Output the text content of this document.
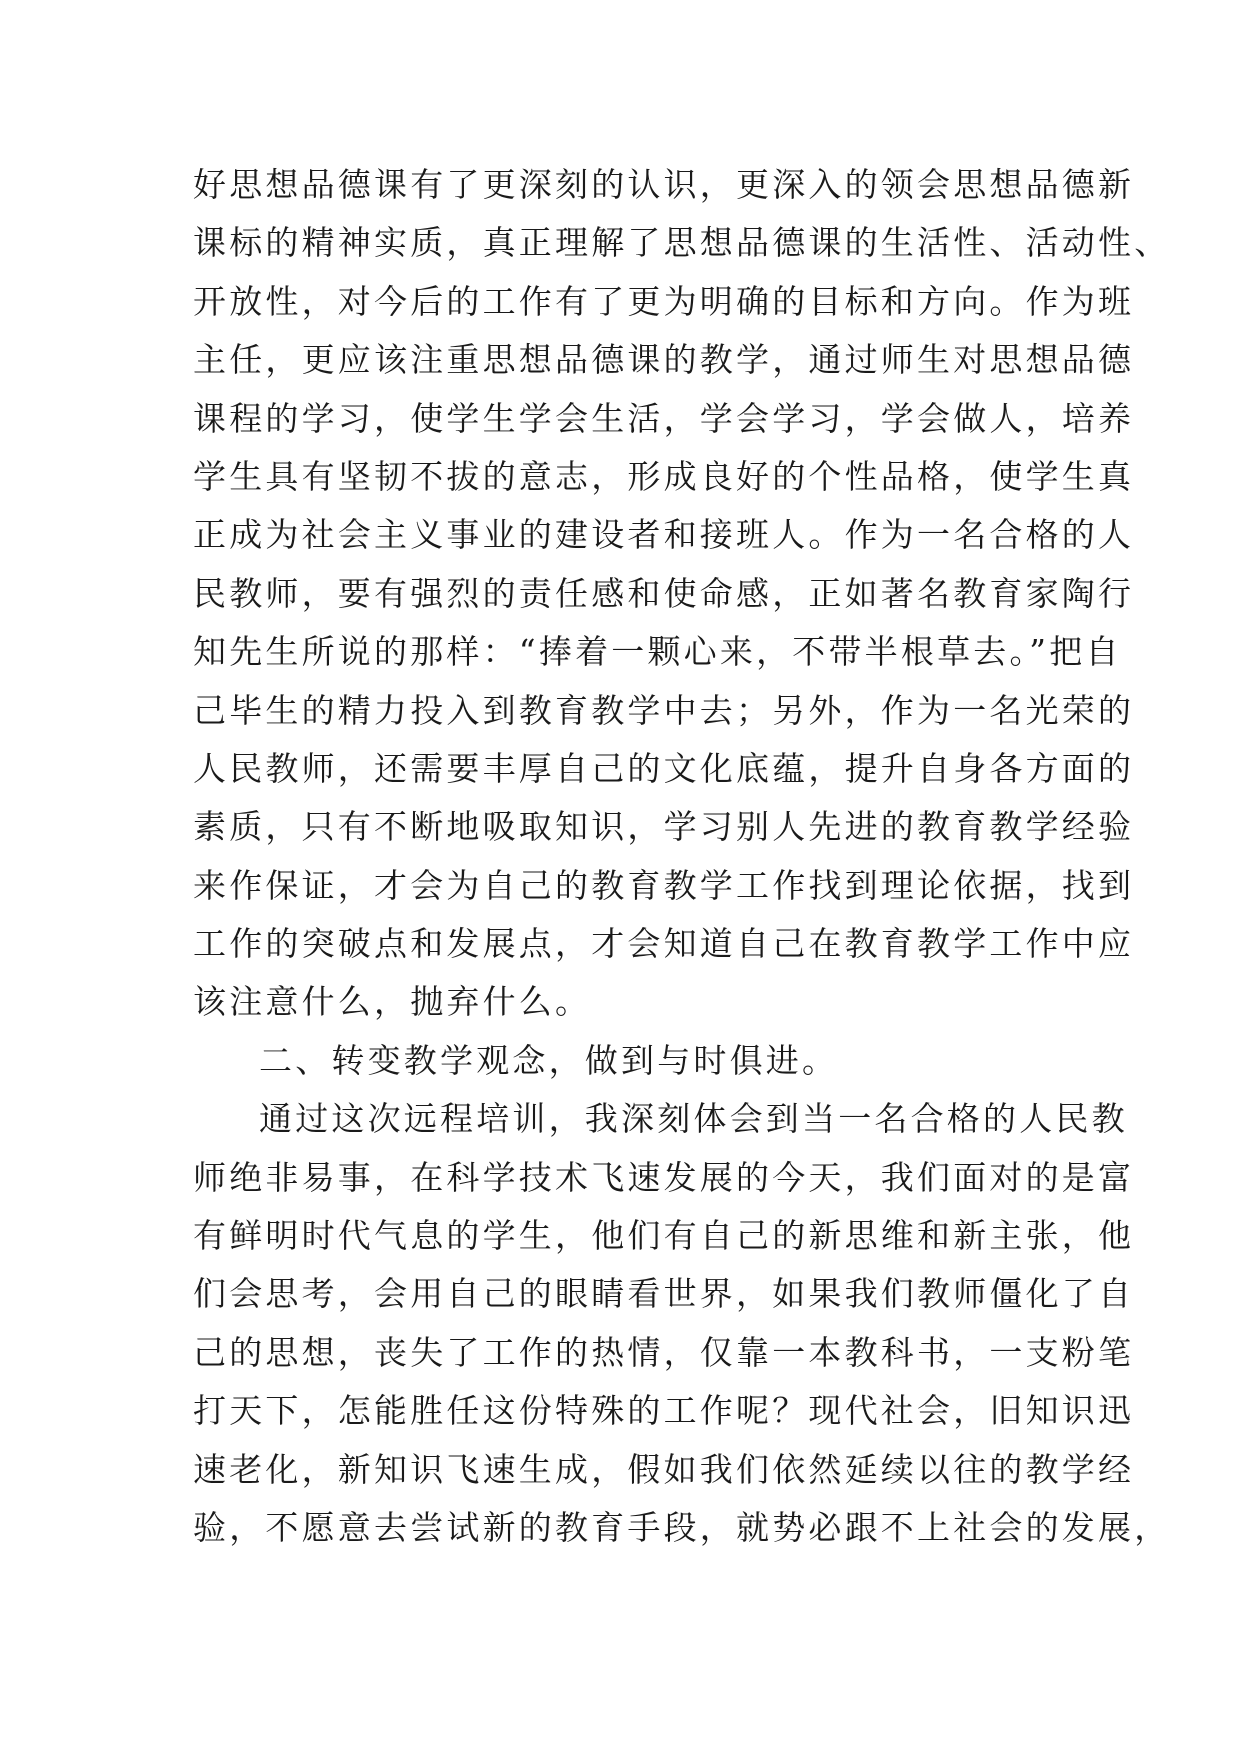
好思想品德课有了更深刻的认识，更深入的领会思想品德新
课标的精神实质，真正理解了思想品德课的生活性、活动性、
开放性，对今后的工作有了更为明确的目标和方向。作为班
主任，更应该注重思想品德课的教学，通过师生对思想品德
课程的学习，使学生学会生活，学会学习，学会做人，培养
学生具有坚韧不拔的意志，形成良好的个性品格，使学生真
正成为社会主义事业的建设者和接班人。作为一名合格的人
民教师，要有强烈的责任感和使命感，正如著名教育家陶行
知先生所说的那样：“捧着一颗心来，不带半根草去。”把自
己毕生的精力投入到教育教学中去；另外，作为一名光荣的
人民教师，还需要丰厚自己的文化底蕴，提升自身各方面的
素质，只有不断地吸取知识，学习别人先进的教育教学经验
来作保证，才会为自己的教育教学工作找到理论依据，找到
工作的突破点和发展点，才会知道自己在教育教学工作中应
该注意什么，抛弃什么。
二、转变教学观念，做到与时俱进。
通过这次远程培训，我深刻体会到当一名合格的人民教
师绝非易事，在科学技术飞速发展的今天，我们面对的是富
有鲜明时代气息的学生，他们有自己的新思维和新主张，他
们会思考，会用自己的眼睛看世界，如果我们教师僵化了自
己的思想，丧失了工作的热情，仅靠一本教科书，一支粉笔
打天下，怎能胜任这份特殊的工作呢？现代社会，旧知识迅
速老化，新知识飞速生成，假如我们依然延续以往的教学经
验，不愿意去尝试新的教育手段，就势必跟不上社会的发展，
